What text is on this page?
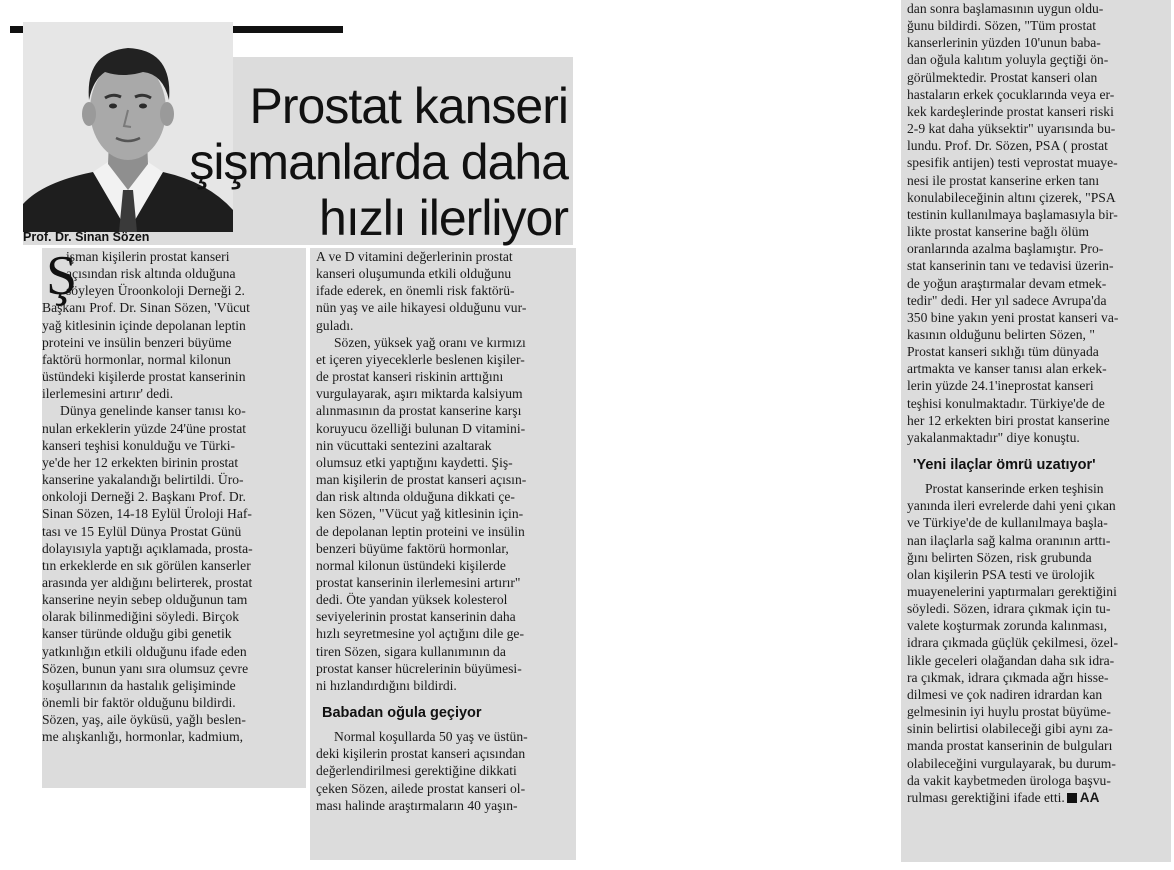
Prostat kanseri
şişmanlarda daha
hızlı ilerliyor
Prof. Dr. Sinan Sözen
Ş
işman kişilerin prostat kanseri
açısından risk altında olduğuna
söyleyen Üroonkoloji Derneği 2.
Başkanı Prof. Dr. Sinan Sözen, 'Vücut
yağ kitlesinin içinde depolanan leptin
proteini ve insülin benzeri büyüme
faktörü hormonlar, normal kilonun
üstündeki kişilerde prostat kanserinin
ilerlemesini artırır' dedi.
Dünya genelinde kanser tanısı ko-
nulan erkeklerin yüzde 24'üne prostat
kanseri teşhisi konulduğu ve Türki-
ye'de her 12 erkekten birinin prostat
kanserine yakalandığı belirtildi. Üro-
onkoloji Derneği 2. Başkanı Prof. Dr.
Sinan Sözen, 14-18 Eylül Üroloji Haf-
tası ve 15 Eylül Dünya Prostat Günü
dolayısıyla yaptığı açıklamada, prosta-
tın erkeklerde en sık görülen kanserler
arasında yer aldığını belirterek, prostat
kanserine neyin sebep olduğunun tam
olarak bilinmediğini söyledi. Birçok
kanser türünde olduğu gibi genetik
yatkınlığın etkili olduğunu ifade eden
Sözen, bunun yanı sıra olumsuz çevre
koşullarının da hastalık gelişiminde
önemli bir faktör olduğunu bildirdi.
Sözen, yaş, aile öyküsü, yağlı beslen-
me alışkanlığı, hormonlar, kadmium,
A ve D vitamini değerlerinin prostat
kanseri oluşumunda etkili olduğunu
ifade ederek, en önemli risk faktörü-
nün yaş ve aile hikayesi olduğunu vur-
guladı.
Sözen, yüksek yağ oranı ve kırmızı
et içeren yiyeceklerle beslenen kişiler-
de prostat kanseri riskinin arttığını
vurgulayarak, aşırı miktarda kalsiyum
alınmasının da prostat kanserine karşı
koruyucu özelliği bulunan D vitamini-
nin vücuttaki sentezini azaltarak
olumsuz etki yaptığını kaydetti. Şiş-
man kişilerin de prostat kanseri açısın-
dan risk altında olduğuna dikkati çe-
ken Sözen, "Vücut yağ kitlesinin için-
de depolanan leptin proteini ve insülin
benzeri büyüme faktörü hormonlar,
normal kilonun üstündeki kişilerde
prostat kanserinin ilerlemesini artırır"
dedi. Öte yandan yüksek kolesterol
seviyelerinin prostat kanserinin daha
hızlı seyretmesine yol açtığını dile ge-
tiren Sözen, sigara kullanımının da
prostat kanser hücrelerinin büyümesi-
ni hızlandırdığını bildirdi.
Babadan oğula geçiyor
Normal koşullarda 50 yaş ve üstün-
deki kişilerin prostat kanseri açısından
değerlendirilmesi gerektiğine dikkati
çeken Sözen, ailede prostat kanseri ol-
ması halinde araştırmaların 40 yaşın-
dan sonra başlamasının uygun oldu-
ğunu bildirdi. Sözen, "Tüm prostat
kanserlerinin yüzden 10'unun baba-
dan oğula kalıtım yoluyla geçtiği ön-
görülmektedir. Prostat kanseri olan
hastaların erkek çocuklarında veya er-
kek kardeşlerinde prostat kanseri riski
2-9 kat daha yüksektir" uyarısında bu-
lundu. Prof. Dr. Sözen, PSA ( prostat
spesifik antijen) testi veprostat muaye-
nesi ile prostat kanserine erken tanı
konulabileceğinin altını çizerek, "PSA
testinin kullanılmaya başlamasıyla bir-
likte prostat kanserine bağlı ölüm
oranlarında azalma başlamıştır. Pro-
stat kanserinin tanı ve tedavisi üzerin-
de yoğun araştırmalar devam etmek-
tedir" dedi. Her yıl sadece Avrupa'da
350 bine yakın yeni prostat kanseri va-
kasının olduğunu belirten Sözen, "
Prostat kanseri sıklığı tüm dünyada
artmakta ve kanser tanısı alan erkek-
lerin yüzde 24.1'ineprostat kanseri
teşhisi konulmaktadır. Türkiye'de de
her 12 erkekten biri prostat kanserine
yakalanmaktadır" diye konuştu.
'Yeni ilaçlar ömrü uzatıyor'
Prostat kanserinde erken teşhisin
yanında ileri evrelerde dahi yeni çıkan
ve Türkiye'de de kullanılmaya başla-
nan ilaçlarla sağ kalma oranının arttı-
ğını belirten Sözen, risk grubunda
olan kişilerin PSA testi ve ürolojik
muayenelerini yaptırmaları gerektiğini
söyledi. Sözen, idrara çıkmak için tu-
valete koşturmak zorunda kalınması,
idrara çıkmada güçlük çekilmesi, özel-
likle geceleri olağandan daha sık idra-
ra çıkmak, idrara çıkmada ağrı hisse-
dilmesi ve çok nadiren idrardan kan
gelmesinin iyi huylu prostat büyüme-
sinin belirtisi olabileceği gibi aynı za-
manda prostat kanserinin de bulguları
olabileceğini vurgulayarak, bu durum-
da vakit kaybetmeden ürologa başvu-
rulması gerektiğini ifade etti. AA
